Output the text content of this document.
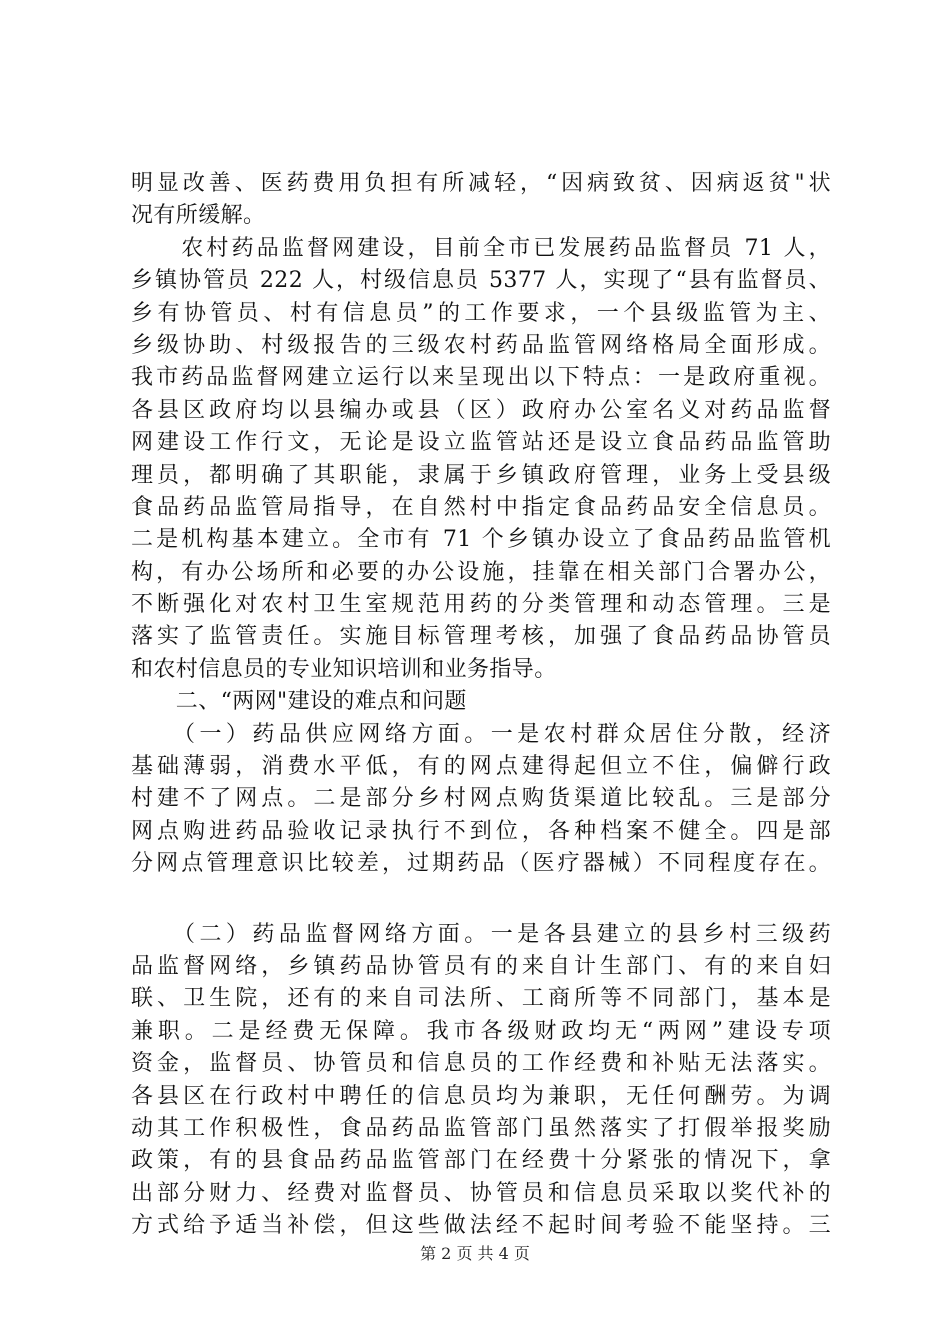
明显改善、医药费用负担有所减轻，“因病致贫、因病返贫"状
况有所缓解。
　　农村药品监督网建设，目前全市已发展药品监督员 71 人，
乡镇协管员 222 人，村级信息员 5377 人，实现了“县有监督员、
乡有协管员、村有信息员”的工作要求，一个县级监管为主、
乡级协助、村级报告的三级农村药品监管网络格局全面形成。
我市药品监督网建立运行以来呈现出以下特点：一是政府重视。
各县区政府均以县编办或县（区）政府办公室名义对药品监督
网建设工作行文，无论是设立监管站还是设立食品药品监管助
理员，都明确了其职能，隶属于乡镇政府管理，业务上受县级
食品药品监管局指导，在自然村中指定食品药品安全信息员。
二是机构基本建立。全市有 71 个乡镇办设立了食品药品监管机
构，有办公场所和必要的办公设施，挂靠在相关部门合署办公，
不断强化对农村卫生室规范用药的分类管理和动态管理。三是
落实了监管责任。实施目标管理考核，加强了食品药品协管员
和农村信息员的专业知识培训和业务指导。
　　二、“两网"建设的难点和问题
　　（一）药品供应网络方面。一是农村群众居住分散，经济
基础薄弱，消费水平低，有的网点建得起但立不住，偏僻行政
村建不了网点。二是部分乡村网点购货渠道比较乱。三是部分
网点购进药品验收记录执行不到位，各种档案不健全。四是部
分网点管理意识比较差，过期药品（医疗器械）不同程度存在。
　　（二）药品监督网络方面。一是各县建立的县乡村三级药
品监督网络，乡镇药品协管员有的来自计生部门、有的来自妇
联、卫生院，还有的来自司法所、工商所等不同部门，基本是
兼职。二是经费无保障。我市各级财政均无“两网”建设专项
资金，监督员、协管员和信息员的工作经费和补贴无法落实。
各县区在行政村中聘任的信息员均为兼职，无任何酬劳。为调
动其工作积极性，食品药品监管部门虽然落实了打假举报奖励
政策，有的县食品药品监管部门在经费十分紧张的情况下，拿
出部分财力、经费对监督员、协管员和信息员采取以奖代补的
方式给予适当补偿，但这些做法经不起时间考验不能坚持。三
第 2 页 共 4 页
